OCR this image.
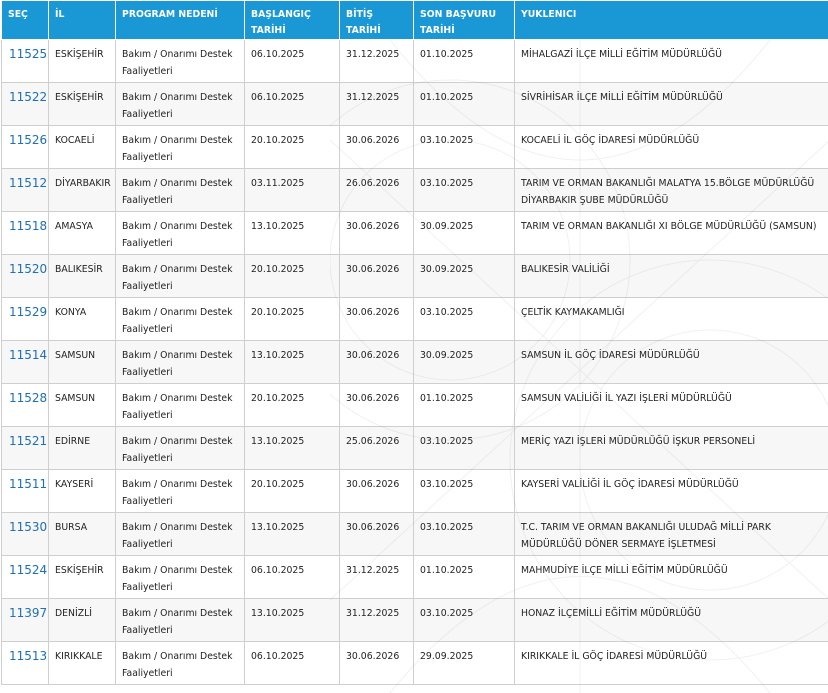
SEÇ	İL	PROGRAM NEDENİ	BAŞLANGIÇ TARİHİ	BİTİŞ TARİHİ	SON BAŞVURU TARİHİ	YUKLENICI
11525	ESKİŞEHİR	Bakım / Onarımı Destek Faaliyetleri	06.10.2025	31.12.2025	01.10.2025	MİHALGAZİ İLÇE MİLLİ EĞİTİM MÜDÜRLÜĞÜ
11522	ESKİŞEHİR	Bakım / Onarımı Destek Faaliyetleri	06.10.2025	31.12.2025	01.10.2025	SİVRİHİSAR İLÇE MİLLİ EĞİTİM MÜDÜRLÜĞÜ
11526	KOCAELİ	Bakım / Onarımı Destek Faaliyetleri	20.10.2025	30.06.2026	03.10.2025	KOCAELİ İL GÖÇ İDARESİ MÜDÜRLÜĞÜ
11512	DİYARBAKIR	Bakım / Onarımı Destek Faaliyetleri	03.11.2025	26.06.2026	03.10.2025	TARIM VE ORMAN BAKANLIĞI MALATYA 15.BÖLGE MÜDÜRLÜĞÜ DİYARBAKIR ŞUBE MÜDÜRLÜĞÜ
11518	AMASYA	Bakım / Onarımı Destek Faaliyetleri	13.10.2025	30.06.2026	30.09.2025	TARIM VE ORMAN BAKANLIĞI XI BÖLGE MÜDÜRLÜĞÜ (SAMSUN)
11520	BALIKESİR	Bakım / Onarımı Destek Faaliyetleri	20.10.2025	30.06.2026	30.09.2025	BALIKESİR VALİLİĞİ
11529	KONYA	Bakım / Onarımı Destek Faaliyetleri	20.10.2025	30.06.2026	03.10.2025	ÇELTİK KAYMAKAMLIĞI
11514	SAMSUN	Bakım / Onarımı Destek Faaliyetleri	13.10.2025	30.06.2026	30.09.2025	SAMSUN İL GÖÇ İDARESİ MÜDÜRLÜĞÜ
11528	SAMSUN	Bakım / Onarımı Destek Faaliyetleri	20.10.2025	30.06.2026	01.10.2025	SAMSUN VALİLİĞİ İL YAZI İŞLERİ MÜDÜRLÜĞÜ
11521	EDİRNE	Bakım / Onarımı Destek Faaliyetleri	13.10.2025	25.06.2026	03.10.2025	MERİÇ YAZI İŞLERİ MÜDÜRLÜĞÜ İŞKUR PERSONELİ
11511	KAYSERİ	Bakım / Onarımı Destek Faaliyetleri	20.10.2025	30.06.2026	03.10.2025	KAYSERİ VALİLİĞİ İL GÖÇ İDARESİ MÜDÜRLÜĞÜ
11530	BURSA	Bakım / Onarımı Destek Faaliyetleri	13.10.2025	30.06.2026	03.10.2025	T.C. TARIM VE ORMAN BAKANLIĞI ULUDAĞ MİLLİ PARK MÜDÜRLÜĞÜ DÖNER SERMAYE İŞLETMESİ
11524	ESKİŞEHİR	Bakım / Onarımı Destek Faaliyetleri	06.10.2025	31.12.2025	01.10.2025	MAHMUDİYE İLÇE MİLLİ EĞİTİM MÜDÜRLÜĞÜ
11397	DENİZLİ	Bakım / Onarımı Destek Faaliyetleri	13.10.2025	31.12.2025	03.10.2025	HONAZ İLÇEMİLLİ EĞİTİM MÜDÜRLÜĞÜ
11513	KIRIKKALE	Bakım / Onarımı Destek Faaliyetleri	06.10.2025	30.06.2026	29.09.2025	KIRIKKALE İL GÖÇ İDARESİ MÜDÜRLÜĞÜ
